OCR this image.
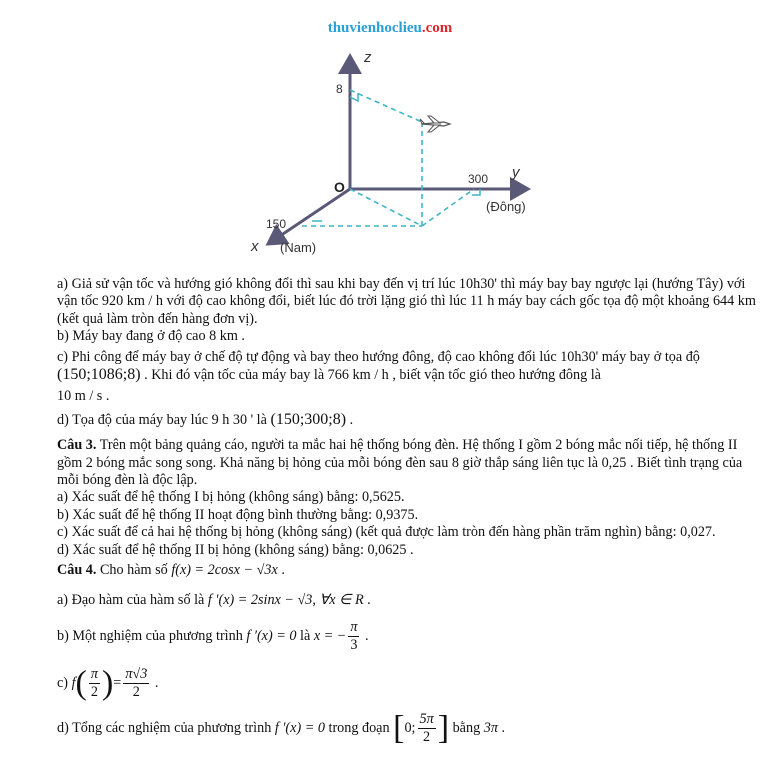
thuvienhoclieu.com
z
8
O	300 y
(Đông)
150
x (Nam)

a) Giả sử vận tốc và hướng gió không đổi thì sau khi bay đến vị trí lúc 10h30' thì máy bay bay ngược lại (hướng Tây) với vận tốc 920 km / h với độ cao không đổi, biết lúc đó trời lặng gió thì lúc 11 h máy bay cách gốc tọa độ một khoảng 644 km (kết quả làm tròn đến hàng đơn vị).

b) Máy bay đang ở độ cao 8 km .

c) Phi công để máy bay ở chế độ tự động và bay theo hướng đông, độ cao không đổi lúc 10h30' máy bay ở tọa độ (150;1086;8) . Khi đó vận tốc của máy bay là 766 km / h , biết vận tốc gió theo hướng đông là

10 m / s .

d) Tọa độ của máy bay lúc 9 h 30 ' là (150;300;8) .

Câu 3. Trên một bảng quảng cáo, người ta mắc hai hệ thống bóng đèn. Hệ thống I gồm 2 bóng mắc nối tiếp, hệ thống II gồm 2 bóng mắc song song. Khả năng bị hỏng của mỗi bóng đèn sau 8 giờ thắp sáng liên tục là 0,25 . Biết tình trạng của mỗi bóng đèn là độc lập.

a) Xác suất để hệ thống I bị hỏng (không sáng) bằng: 0,5625.

b) Xác suất để hệ thống II hoạt động bình thường bằng: 0,9375.

c) Xác suất để cả hai hệ thống bị hỏng (không sáng) (kết quả được làm tròn đến hàng phần trăm nghìn) bằng: 0,027.

d) Xác suất để hệ thống II bị hỏng (không sáng) bằng: 0,0625 .

Câu 4. Cho hàm số f(x) = 2cosx − √3x .

a) Đạo hàm của hàm số là f ′(x) = 2sinx − √3, ∀x ∈ R .

b) Một nghiệm của phương trình f ′(x) = 0 là x = − $\frac{\pi}{3}$ .

c) $f( \frac{\pi}{2}$ )= $\frac{\pi√3}{2}$ .

d) Tổng các nghiệm của phương trình f ′(x) = 0 trong đoạn [0; $\frac{5\pi}{2}$ ] bằng 3π .
